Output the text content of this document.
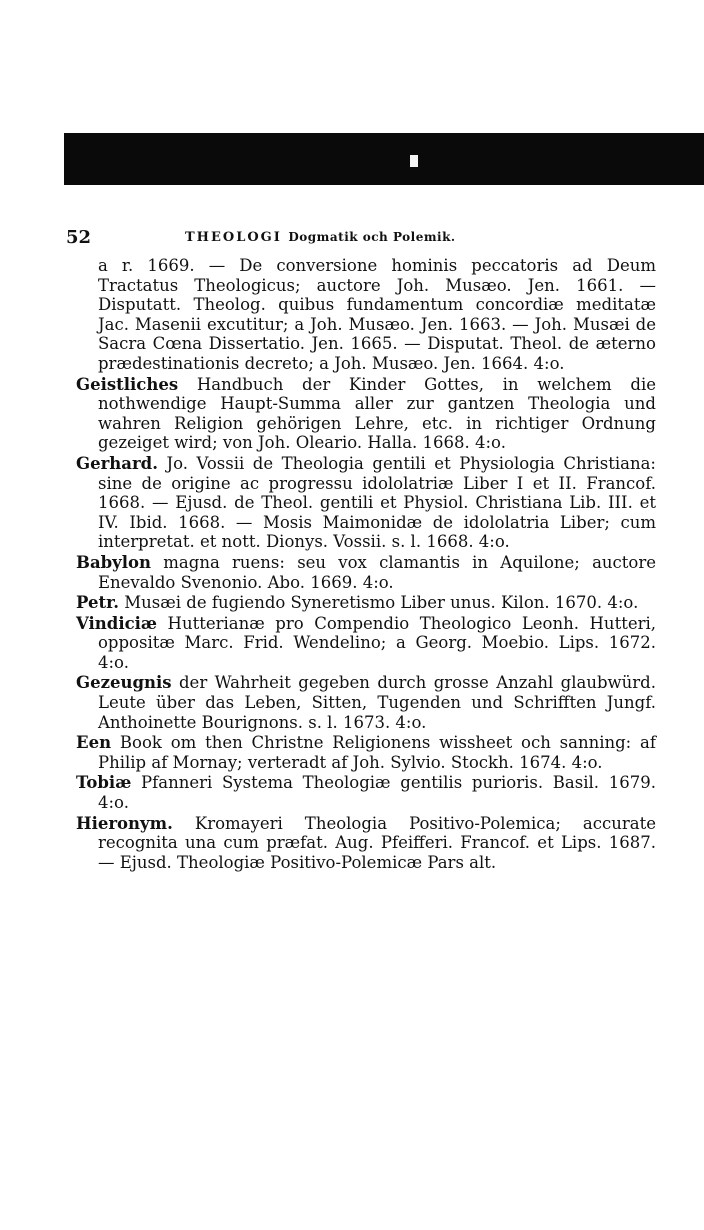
52	THEOLOGI Dogmatik och Polemik.

a r. 1669. — De conversione hominis peccatoris ad Deum Tractatus Theologicus; auctore Joh. Musæo. Jen. 1661. — Disputatt. Theolog. quibus fundamentum concordiæ meditatæ Jac. Masenii excutitur; a Joh. Musæo. Jen. 1663. — Joh. Musæi de Sacra Cœna Dissertatio. Jen. 1665. — Disputat. Theol. de æterno prædestinationis decreto; a Joh. Musæo. Jen. 1664. 4:o.

Geistliches Handbuch der Kinder Gottes, in welchem die nothwendige Haupt-Summa aller zur gantzen Theologia und wahren Religion gehörigen Lehre, etc. in richtiger Ordnung gezeiget wird; von Joh. Oleario. Halla. 1668. 4:o.

Gerhard. Jo. Vossii de Theologia gentili et Physiologia Christiana: sine de origine ac progressu idololatriæ Liber I et II. Francof. 1668. — Ejusd. de Theol. gentili et Physiol. Christiana Lib. III. et IV. Ibid. 1668. — Mosis Maimonidæ de idololatria Liber; cum interpretat. et nott. Dionys. Vossii. s. l. 1668. 4:o.

Babylon magna ruens: seu vox clamantis in Aquilone; auctore Enevaldo Svenonio. Abo. 1669. 4:o.

Petr. Musæi de fugiendo Syneretismo Liber unus. Kilon. 1670. 4:o.

Vindiciæ Hutterianæ pro Compendio Theologico Leonh. Hutteri, oppositæ Marc. Frid. Wendelino; a Georg. Moebio. Lips. 1672. 4:o.

Gezeugnis der Wahrheit gegeben durch grosse Anzahl glaubwürd. Leute über das Leben, Sitten, Tugenden und Schrifften Jungf. Anthoinette Bourignons. s. l. 1673. 4:o.

Een Book om then Christne Religionens wissheet och sanning: af Philip af Mornay; verteradt af Joh. Sylvio. Stockh. 1674. 4:o.

Tobiæ Pfanneri Systema Theologiæ gentilis purioris. Basil. 1679. 4:o.

Hieronym. Kromayeri Theologia Positivo-Polemica; accurate recognita una cum præfat. Aug. Pfeifferi. Francof. et Lips. 1687. — Ejusd. Theologiæ Positivo-Polemicæ Pars alt.
